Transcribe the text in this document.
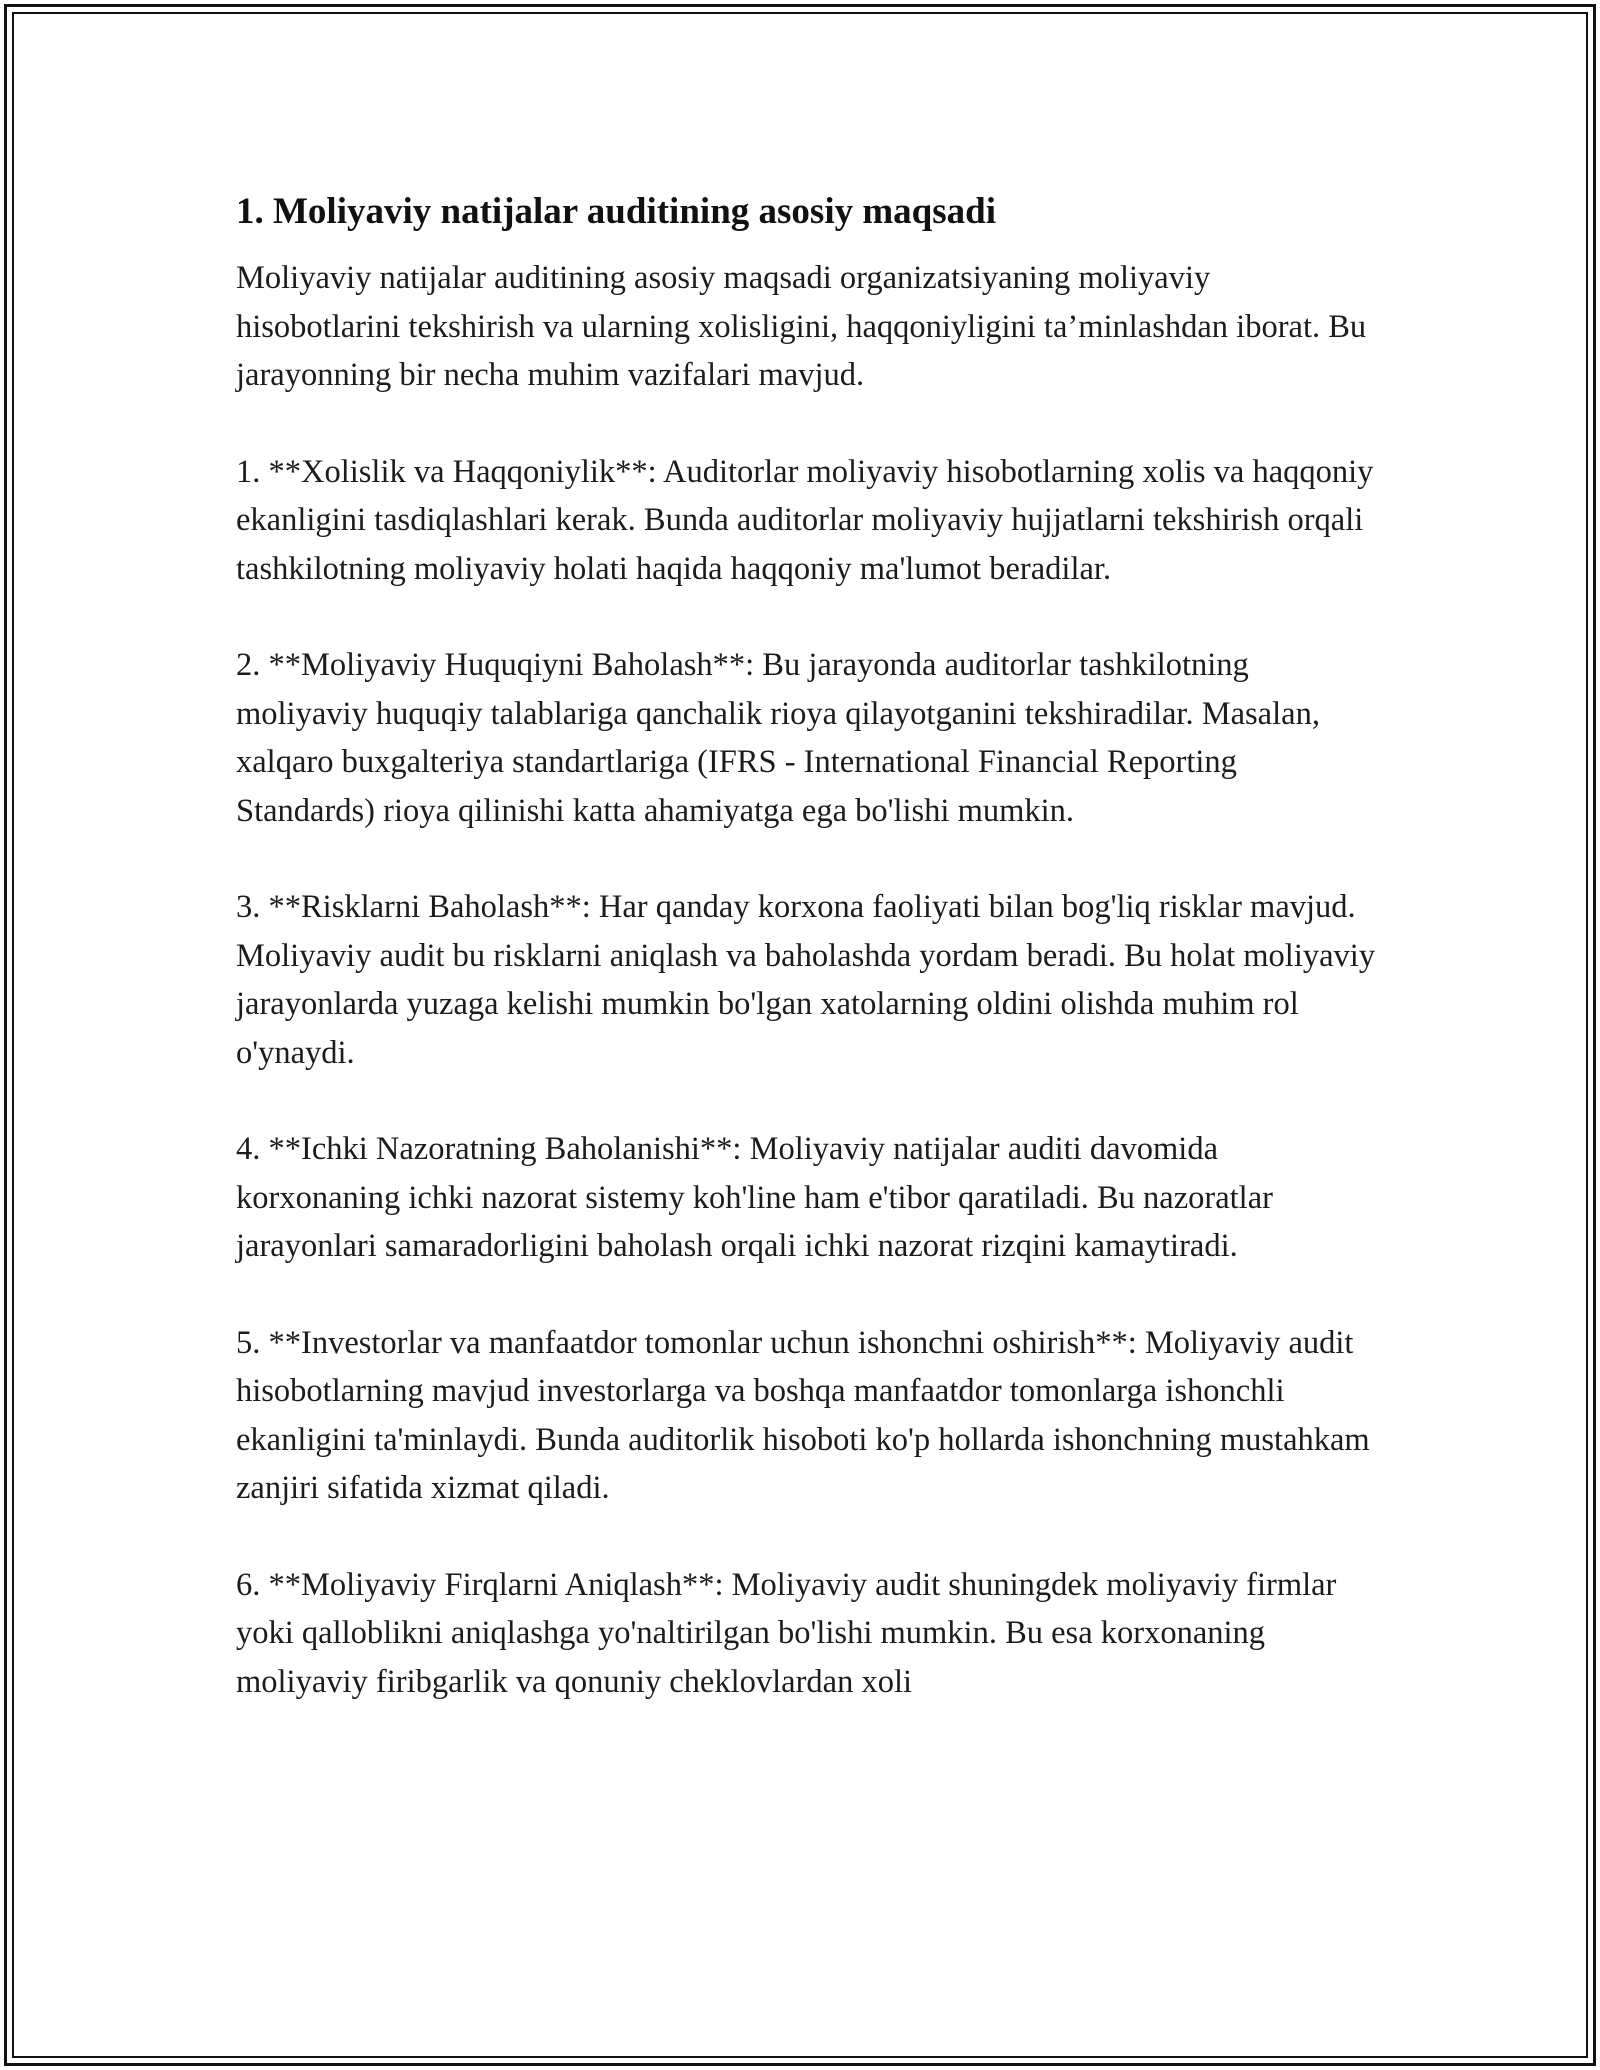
1. Moliyaviy natijalar auditining asosiy maqsadi

Moliyaviy natijalar auditining asosiy maqsadi organizatsiyaning moliyaviy hisobotlarini tekshirish va ularning xolisligini, haqqoniyligini ta’minlashdan iborat. Bu jarayonning bir necha muhim vazifalari mavjud.

1. **Xolislik va Haqqoniylik**: Auditorlar moliyaviy hisobotlarning xolis va haqqoniy ekanligini tasdiqlashlari kerak. Bunda auditorlar moliyaviy hujjatlarni tekshirish orqali tashkilotning moliyaviy holati haqida haqqoniy ma'lumot beradilar.

2. **Moliyaviy Huquqiyni Baholash**: Bu jarayonda auditorlar tashkilotning moliyaviy huquqiy talablariga qanchalik rioya qilayotganini tekshiradilar. Masalan, xalqaro buxgalteriya standartlariga (IFRS - International Financial Reporting Standards) rioya qilinishi katta ahamiyatga ega bo'lishi mumkin.

3. **Risklarni Baholash**: Har qanday korxona faoliyati bilan bog'liq risklar mavjud. Moliyaviy audit bu risklarni aniqlash va baholashda yordam beradi. Bu holat moliyaviy jarayonlarda yuzaga kelishi mumkin bo'lgan xatolarning oldini olishda muhim rol o'ynaydi.

4. **Ichki Nazoratning Baholanishi**: Moliyaviy natijalar auditi davomida korxonaning ichki nazorat sistemy koh'line ham e'tibor qaratiladi. Bu nazoratlar jarayonlari samaradorligini baholash orqali ichki nazorat rizqini kamaytiradi.

5. **Investorlar va manfaatdor tomonlar uchun ishonchni oshirish**: Moliyaviy audit hisobotlarning mavjud investorlarga va boshqa manfaatdor tomonlarga ishonchli ekanligini ta'minlaydi. Bunda auditorlik hisoboti ko'p hollarda ishonchning mustahkam zanjiri sifatida xizmat qiladi.

6. **Moliyaviy Firqlarni Aniqlash**: Moliyaviy audit shuningdek moliyaviy firmlar yoki qalloblikni aniqlashga yo'naltirilgan bo'lishi mumkin. Bu esa korxonaning moliyaviy firibgarlik va qonuniy cheklovlardan xoli
